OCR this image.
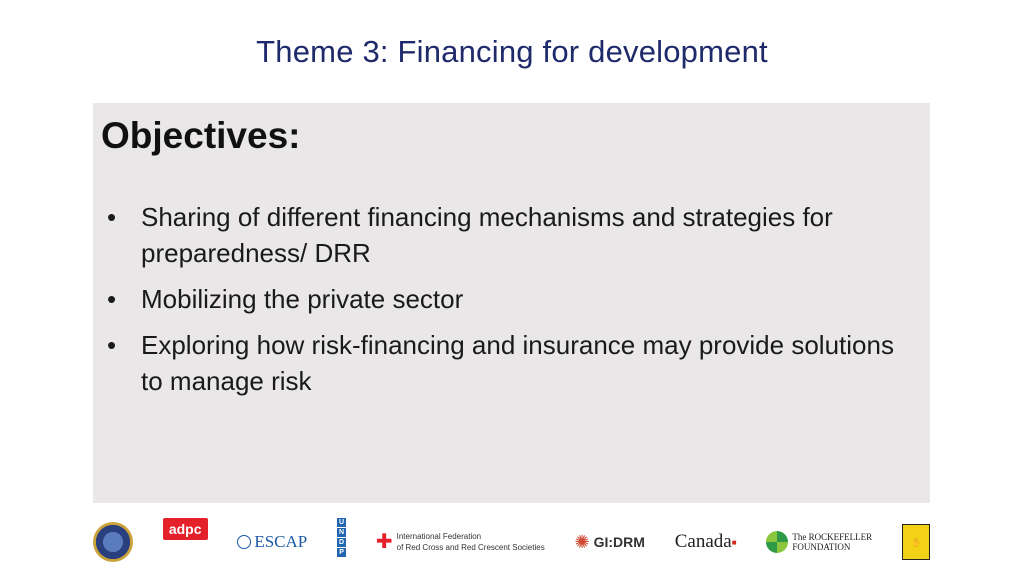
Theme 3: Financing for development
Objectives:
• Sharing of different financing mechanisms and strategies for preparedness/ DRR
• Mobilizing the private sector
• Exploring how risk-financing and insurance may provide solutions to manage risk
adpc
ESCAP
U
N
D
P ✚ International Federation
of Red Cross and Red Crescent Societies ✺ GI:DRM Canada ■	The ROCKEFELLER
FOUNDATION	✋
